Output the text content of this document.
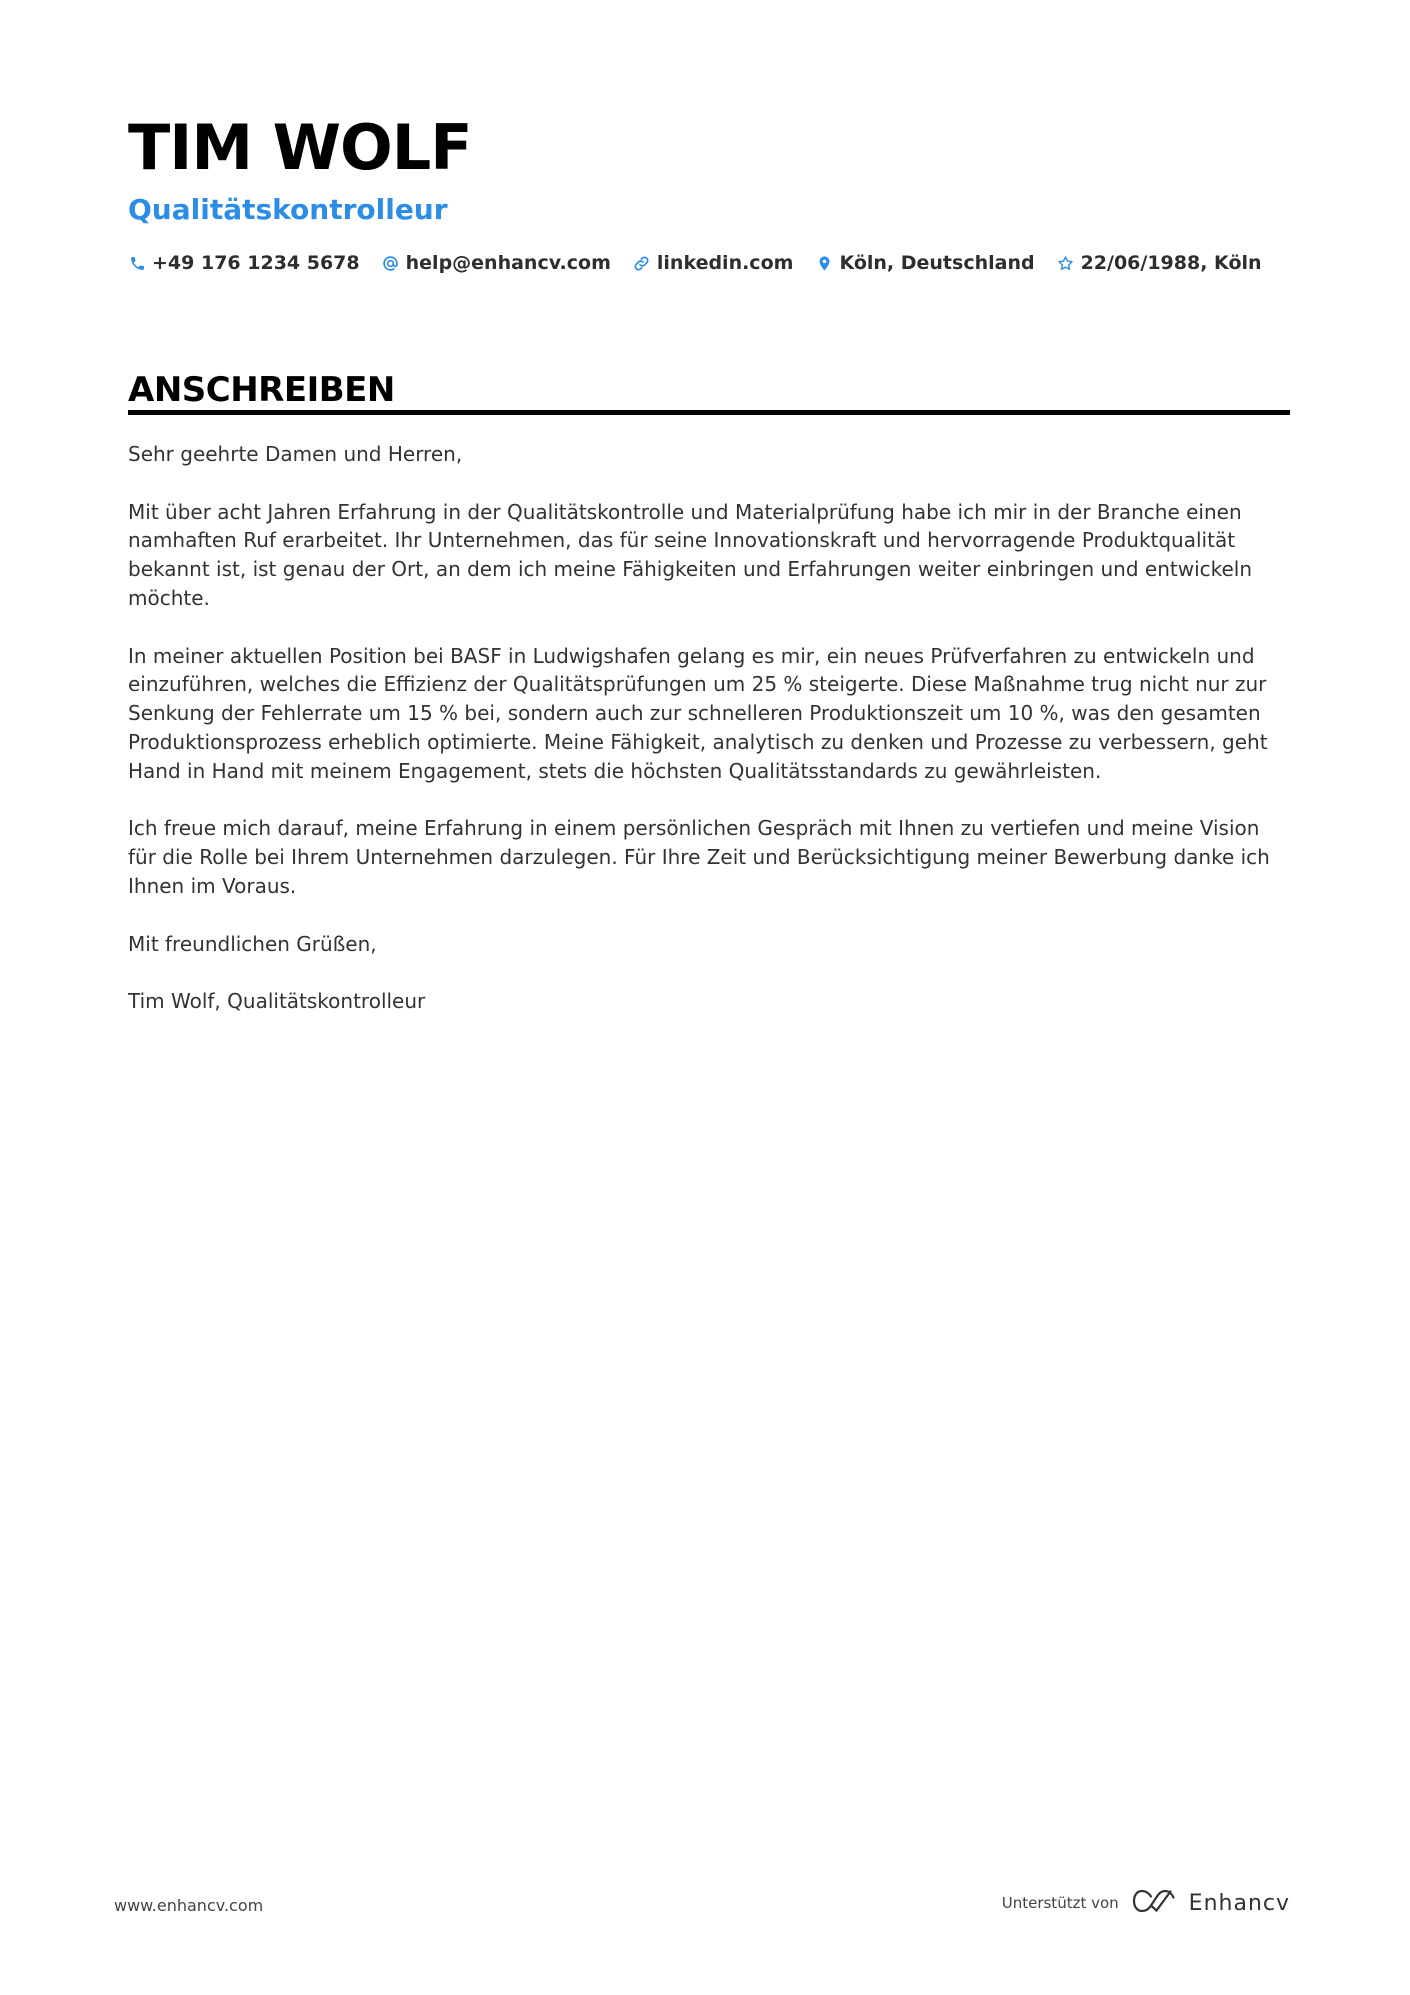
TIM WOLF
Qualitätskontrolleur
+49 176 1234 5678 help@enhancv.com linkedin.com Köln, Deutschland 22/06/1988, Köln
ANSCHREIBEN

Sehr geehrte Damen und Herren,

Mit über acht Jahren Erfahrung in der Qualitätskontrolle und Materialprüfung habe ich mir in der Branche einen namhaften Ruf erarbeitet. Ihr Unternehmen, das für seine Innovationskraft und hervorragende Produktqualität bekannt ist, ist genau der Ort, an dem ich meine Fähigkeiten und Erfahrungen weiter einbringen und entwickeln möchte.

In meiner aktuellen Position bei BASF in Ludwigshafen gelang es mir, ein neues Prüfverfahren zu entwickeln und einzuführen, welches die Effizienz der Qualitätsprüfungen um 25 % steigerte. Diese Maßnahme trug nicht nur zur Senkung der Fehlerrate um 15 % bei, sondern auch zur schnelleren Produktionszeit um 10 %, was den gesamten Produktionsprozess erheblich optimierte. Meine Fähigkeit, analytisch zu denken und Prozesse zu verbessern, geht Hand in Hand mit meinem Engagement, stets die höchsten Qualitätsstandards zu gewährleisten.

Ich freue mich darauf, meine Erfahrung in einem persönlichen Gespräch mit Ihnen zu vertiefen und meine Vision für die Rolle bei Ihrem Unternehmen darzulegen. Für Ihre Zeit und Berücksichtigung meiner Bewerbung danke ich Ihnen im Voraus.

Mit freundlichen Grüßen,

Tim Wolf, Qualitätskontrolleur

www.enhancv.com	Unterstützt von	Enhancv
